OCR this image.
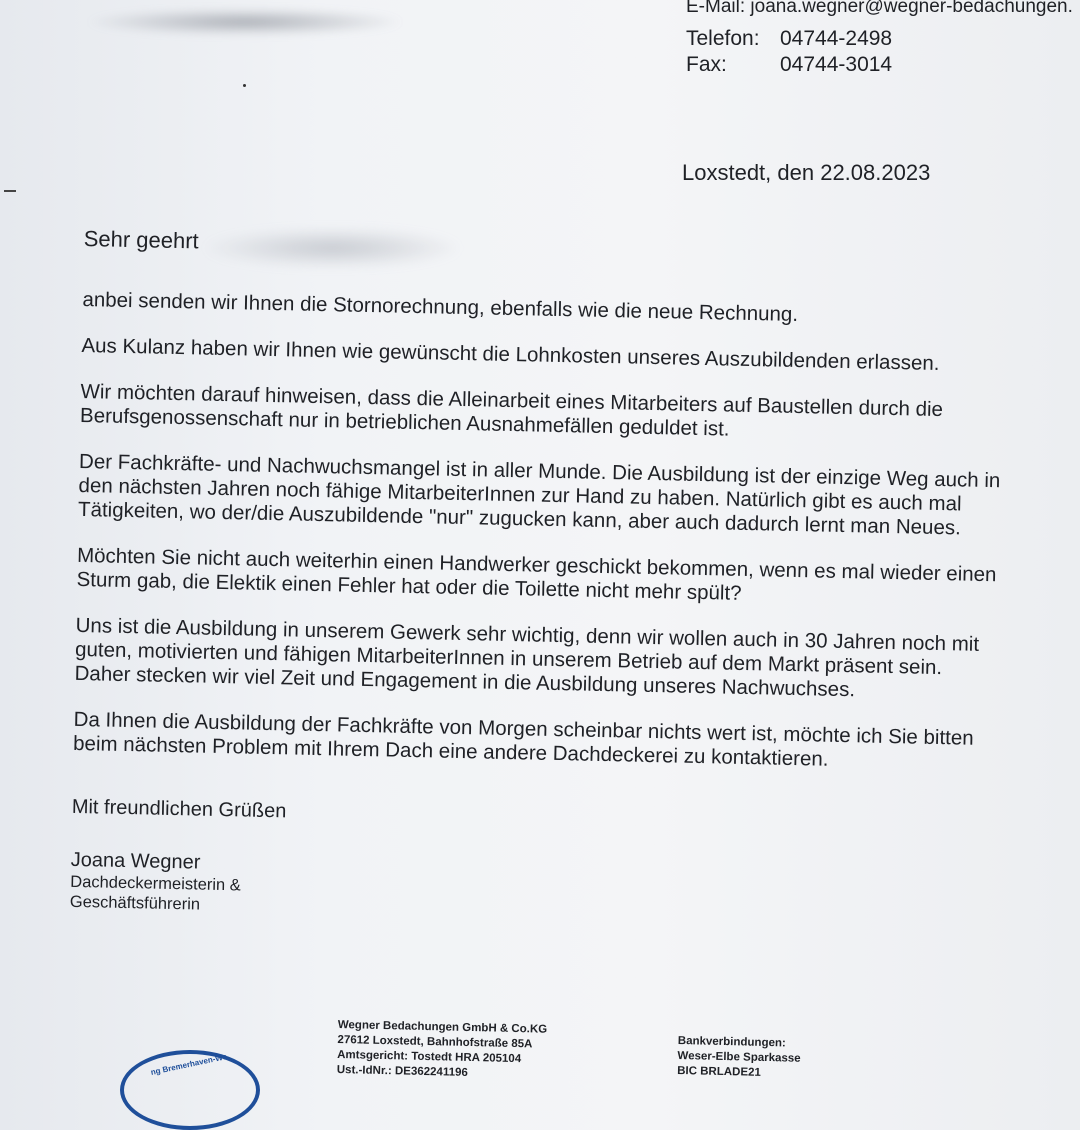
E-Mail:
joana.wegner@wegner-bedachungen.
Telefon: 04744-2498
Fax:	04744-3014
Loxstedt, den 22.08.2023
Sehr geehrt

anbei senden wir Ihnen die Stornorechnung, ebenfalls wie die neue Rechnung.

Aus Kulanz haben wir Ihnen wie gewünscht die Lohnkosten unseres Auszubildenden erlassen.

Wir möchten darauf hinweisen, dass die Alleinarbeit eines Mitarbeiters auf Baustellen durch die Berufsgenossenschaft nur in betrieblichen Ausnahmefällen geduldet ist.

Der Fachkräfte- und Nachwuchsmangel ist in aller Munde. Die Ausbildung ist der einzige Weg auch in den nächsten Jahren noch fähige MitarbeiterInnen zur Hand zu haben. Natürlich gibt es auch mal Tätigkeiten, wo der/die Auszubildende "nur" zugucken kann, aber auch dadurch lernt man Neues.

Möchten Sie nicht auch weiterhin einen Handwerker geschickt bekommen, wenn es mal wieder einen Sturm gab, die Elektik einen Fehler hat oder die Toilette nicht mehr spült?

Uns ist die Ausbildung in unserem Gewerk sehr wichtig, denn wir wollen auch in 30 Jahren noch mit guten, motivierten und fähigen MitarbeiterInnen in unserem Betrieb auf dem Markt präsent sein. Daher stecken wir viel Zeit und Engagement in die Ausbildung unseres Nachwuchses.

Da Ihnen die Ausbildung der Fachkräfte von Morgen scheinbar nichts wert ist, möchte ich Sie bitten beim nächsten Problem mit Ihrem Dach eine andere Dachdeckerei zu kontaktieren.

Mit freundlichen Grüßen
Joana Wegner
Dachdeckermeisterin &
Geschäftsführerin
Wegner Bedachungen GmbH & Co.KG
27612 Loxstedt, Bahnhofstraße 85A
Amtsgericht: Tostedt HRA 205104
Ust.-IdNr.: DE362241196
Bankverbindungen:
Weser-Elbe Sparkasse
BIC BRLADE21
ng Bremerhaven-We
